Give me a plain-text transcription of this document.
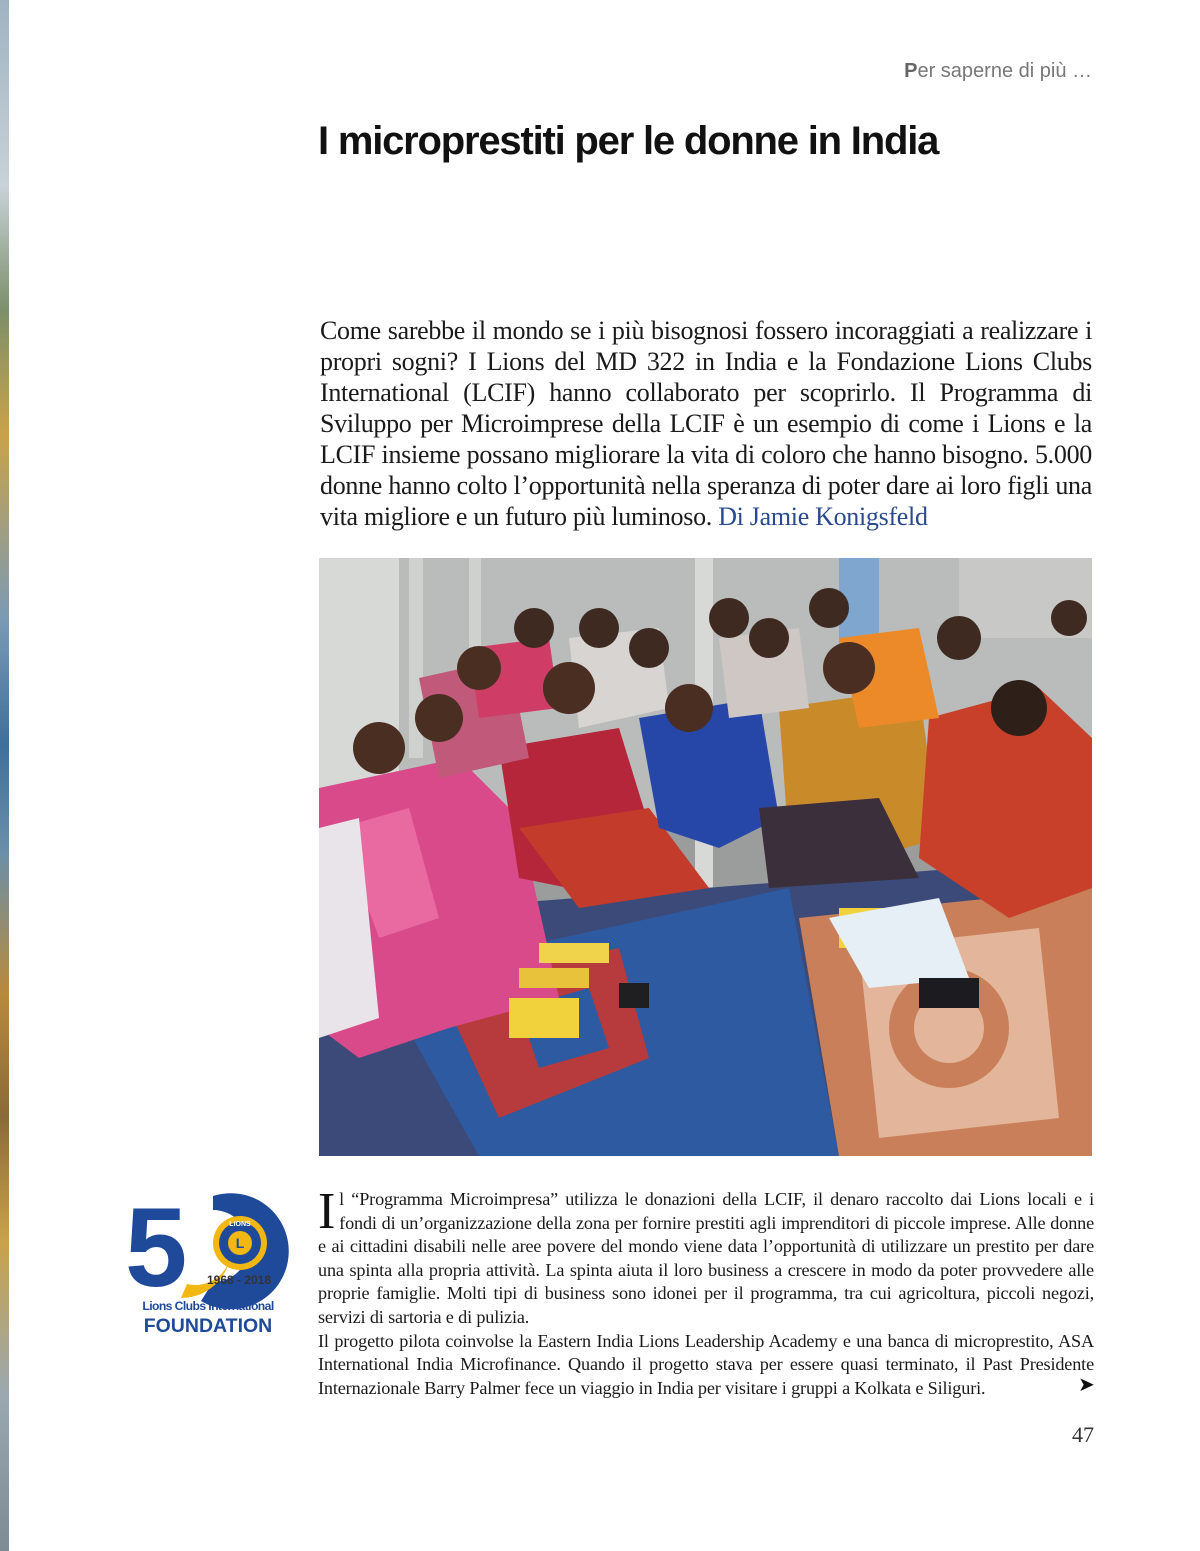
Per saperne di più …
I microprestiti per le donne in India
Come sarebbe il mondo se i più bisognosi fossero incoraggiati a realizzare i propri sogni? I Lions del MD 322 in India e la Fondazione Lions Clubs International (LCIF) hanno collaborato per scoprirlo. Il Programma di Sviluppo per Microimprese della LCIF è un esempio di come i Lions e la LCIF insieme possano migliorare la vita di coloro che hanno bisogno. 5.000 donne hanno colto l’opportunità nella speranza di poter dare ai loro figli una vita migliore e un futuro più luminoso. Di Jamie Konigsfeld
5	LIONS
L
1968 - 2018
Lions Clubs International
FOUNDATION

Il “Programma Microimpresa” utilizza le donazioni della LCIF, il denaro raccolto dai Lions locali e i fondi di un’organizzazione della zona per fornire prestiti agli imprenditori di piccole imprese. Alle donne e ai cittadini disabili nelle aree povere del mondo viene data l’opportunità di utilizzare un prestito per dare una spinta alla propria attività. La spinta aiuta il loro business a crescere in modo da poter provvedere alle proprie famiglie. Molti tipi di business sono idonei per il programma, tra cui agricoltura, piccoli negozi, servizi di sartoria e di pulizia.

Il progetto pilota coinvolse la Eastern India Lions Leadership Academy e una banca di microprestito, ASA International India Microfinance. Quando il progetto stava per essere quasi terminato, il Past Presidente Internazionale Barry Palmer fece un viaggio in India per visitare i gruppi a Kolkata e Siliguri.	➤
47
